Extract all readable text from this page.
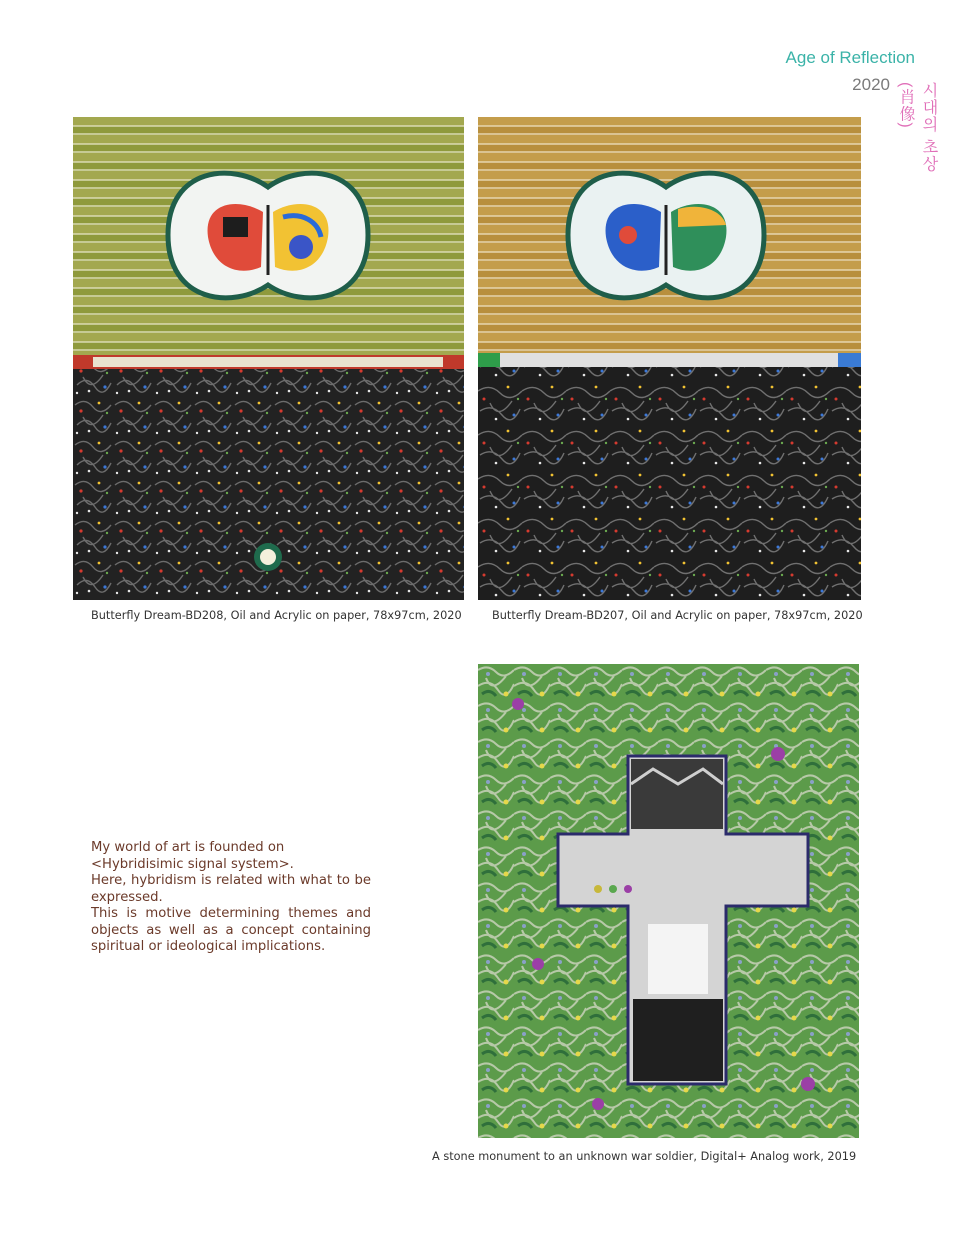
Age of Reflection
2020	시대의 초상(肖像)
Butterfly Dream-BD208, Oil and Acrylic on paper, 78x97cm, 2020	Butterfly Dream-BD207, Oil and Acrylic on paper, 78x97cm, 2020

My world of art is founded on

<Hybridisimic signal system>.

Here, hybridism is related with what to be expressed.

This is motive determining themes and objects as well as a concept containing spiritual or ideological implications.

A stone monument to an unknown war soldier, Digital+ Analog work, 2019
